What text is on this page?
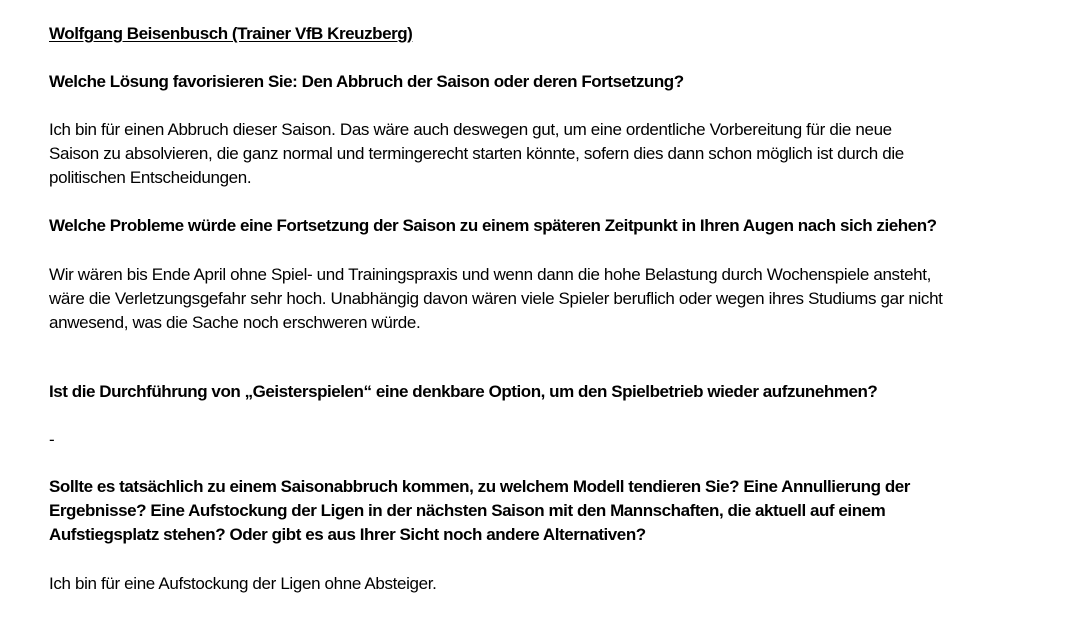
Wolfgang Beisenbusch (Trainer VfB Kreuzberg)
Welche Lösung favorisieren Sie: Den Abbruch der Saison oder deren Fortsetzung?
Ich bin für einen Abbruch dieser Saison. Das wäre auch deswegen gut, um eine ordentliche Vorbereitung für die neue
Saison zu absolvieren, die ganz normal und termingerecht starten könnte, sofern dies dann schon möglich ist durch die
politischen Entscheidungen.
Welche Probleme würde eine Fortsetzung der Saison zu einem späteren Zeitpunkt in Ihren Augen nach sich ziehen?
Wir wären bis Ende April ohne Spiel- und Trainingspraxis und wenn dann die hohe Belastung durch Wochenspiele ansteht,
wäre die Verletzungsgefahr sehr hoch. Unabhängig davon wären viele Spieler beruflich oder wegen ihres Studiums gar nicht
anwesend, was die Sache noch erschweren würde.
Ist die Durchführung von „Geisterspielen“ eine denkbare Option, um den Spielbetrieb wieder aufzunehmen?
-
Sollte es tatsächlich zu einem Saisonabbruch kommen, zu welchem Modell tendieren Sie? Eine Annullierung der
Ergebnisse? Eine Aufstockung der Ligen in der nächsten Saison mit den Mannschaften, die aktuell auf einem
Aufstiegsplatz stehen? Oder gibt es aus Ihrer Sicht noch andere Alternativen?
Ich bin für eine Aufstockung der Ligen ohne Absteiger.
